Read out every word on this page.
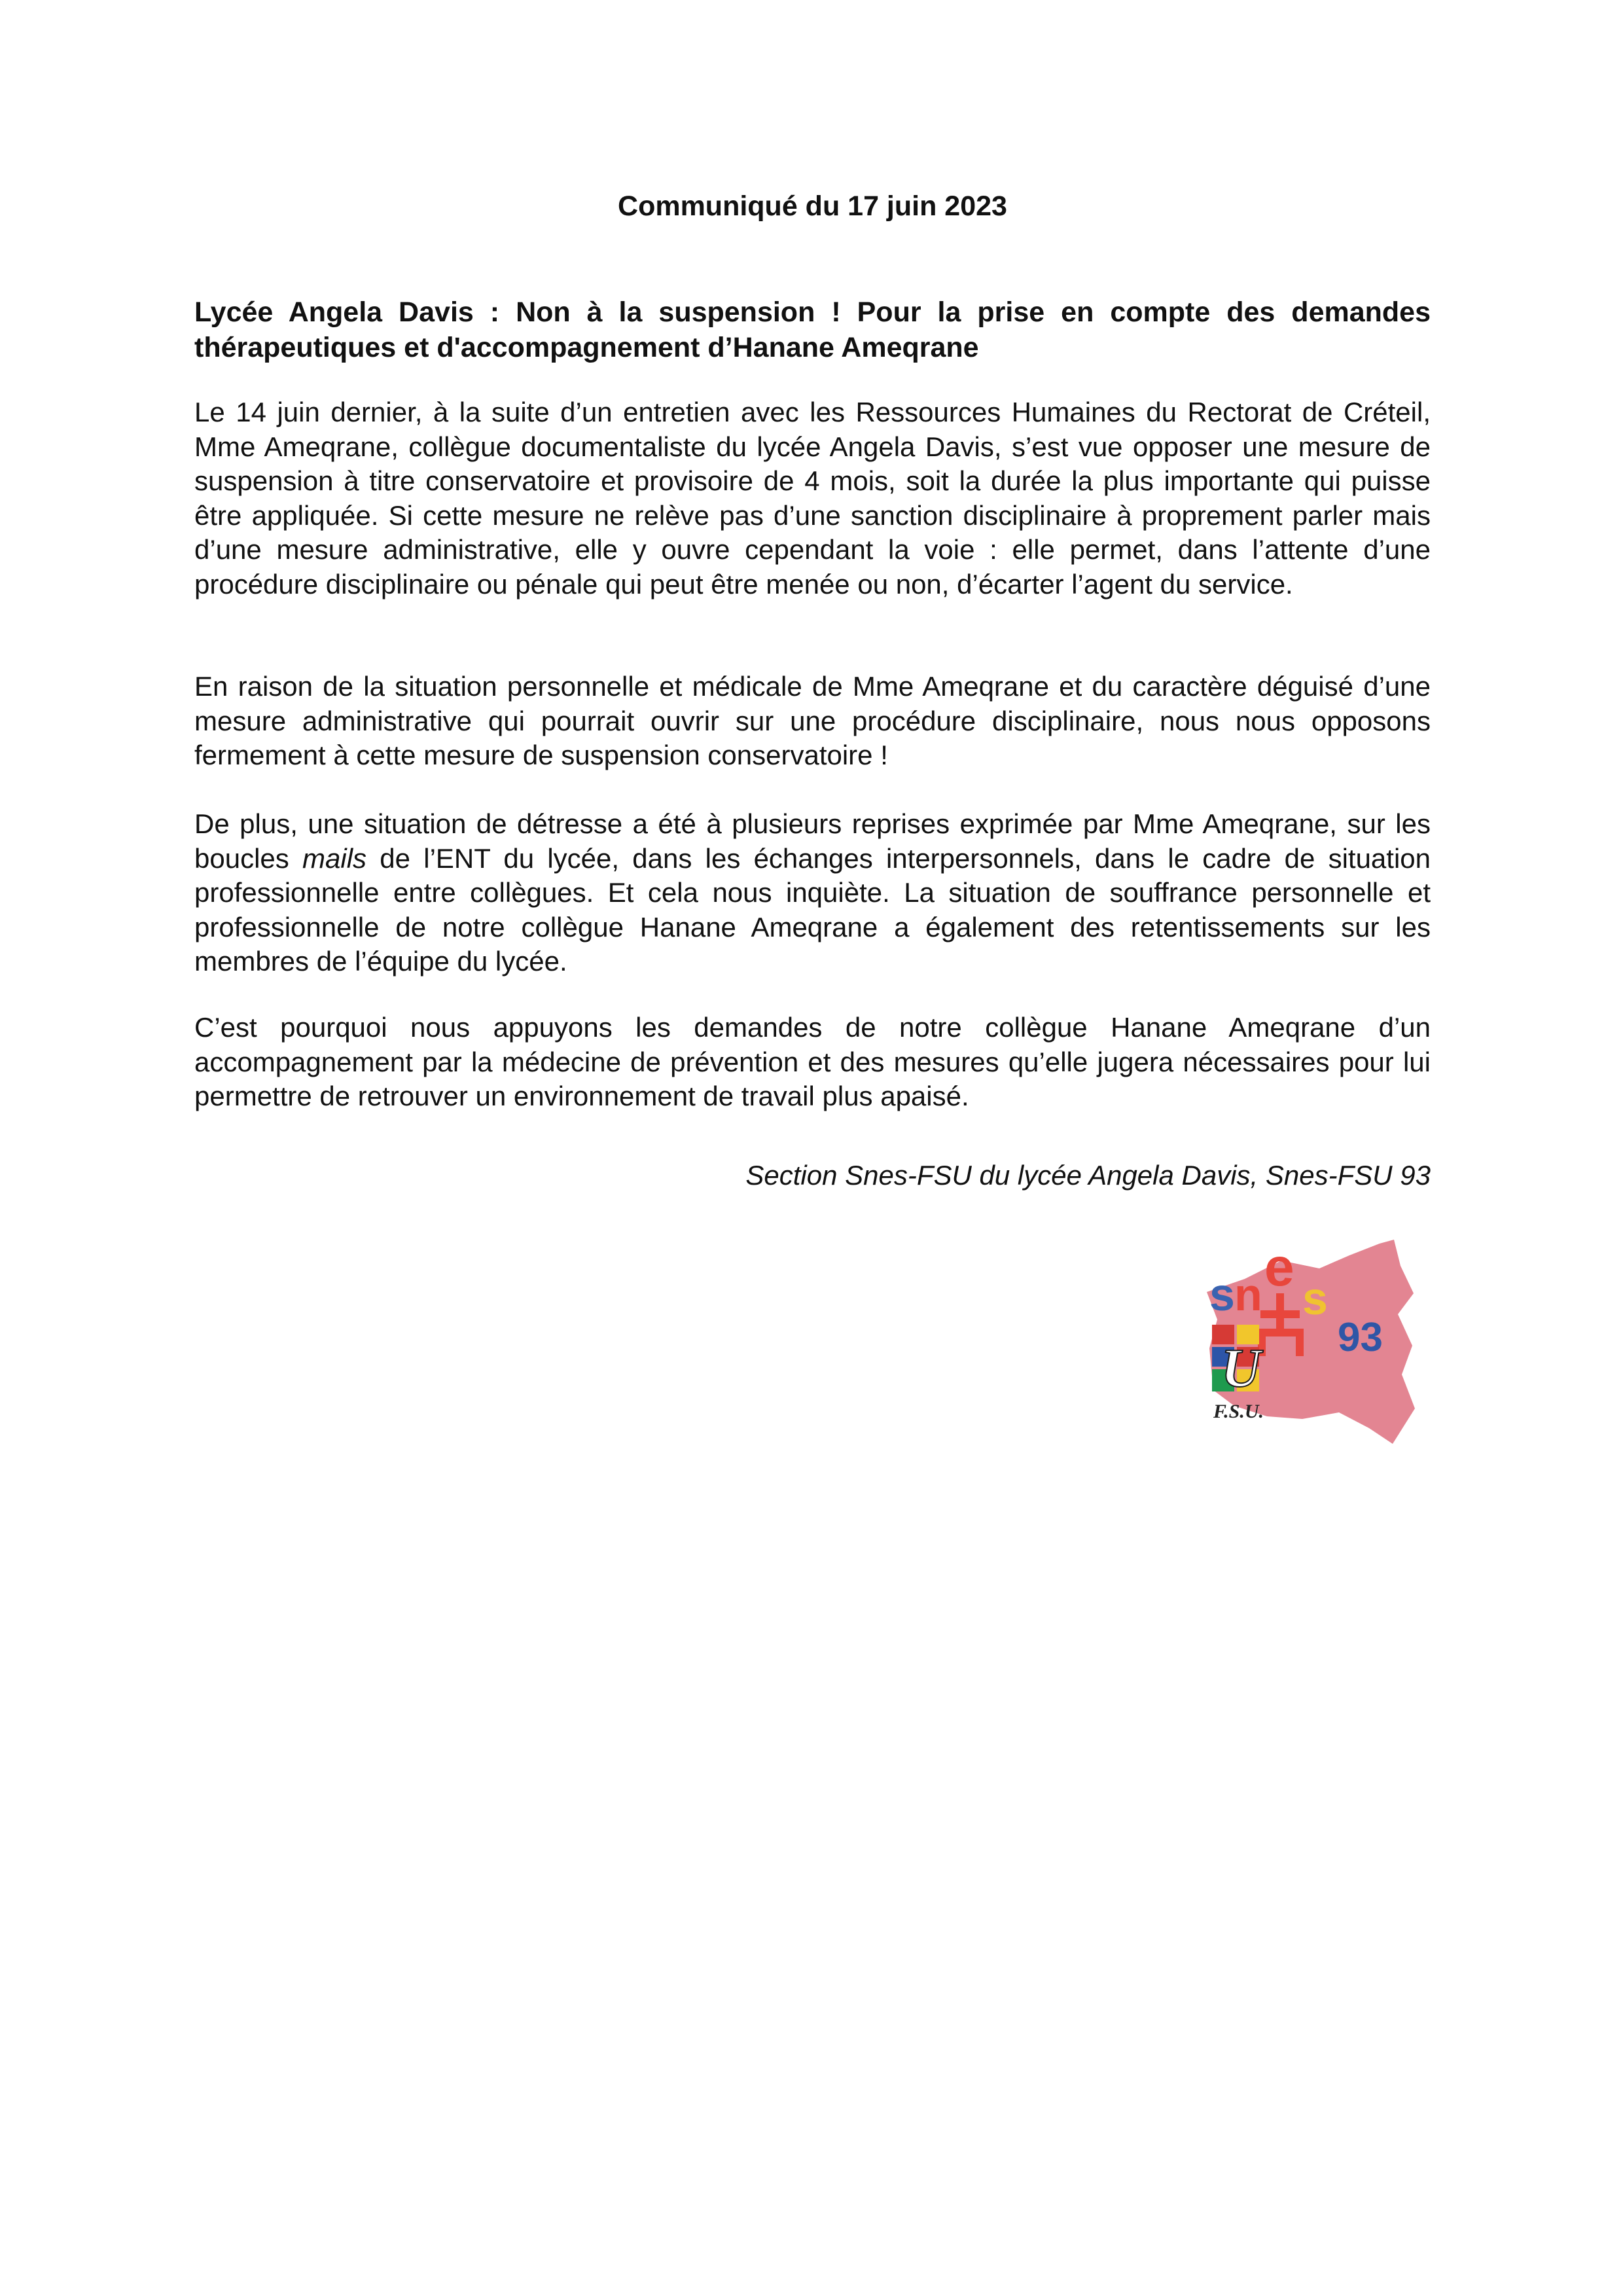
Communiqué du 17 juin 2023
Lycée Angela Davis : Non à la suspension ! Pour la prise en compte des demandes thérapeutiques et d'accompagnement d’Hanane Ameqrane

Le 14 juin dernier, à la suite d’un entretien avec les Ressources Humaines du Rectorat de Créteil, Mme Ameqrane, collègue documentaliste du lycée Angela Davis, s’est vue opposer une mesure de suspension à titre conservatoire et provisoire de 4 mois, soit la durée la plus importante qui puisse être appliquée. Si cette mesure ne relève pas d’une sanction disciplinaire à proprement parler mais d’une mesure administrative, elle y ouvre cependant la voie : elle permet, dans l’attente d’une procédure disciplinaire ou pénale qui peut être menée ou non, d’écarter l’agent du service.

En raison de la situation personnelle et médicale de Mme Ameqrane et du caractère déguisé d’une mesure administrative qui pourrait ouvrir sur une procédure disciplinaire, nous nous opposons fermement à cette mesure de suspension conservatoire !

De plus, une situation de détresse a été à plusieurs reprises exprimée par Mme Ameqrane, sur les boucles mails de l’ENT du lycée, dans les échanges interpersonnels, dans le cadre de situation professionnelle entre collègues. Et cela nous inquiète. La situation de souffrance personnelle et professionnelle de notre collègue Hanane Ameqrane a également des retentissements sur les membres de l’équipe du lycée.

C’est pourquoi nous appuyons les demandes de notre collègue Hanane Ameqrane d’un accompagnement par la médecine de prévention et des mesures qu’elle jugera nécessaires pour lui permettre de retrouver un environnement de travail plus apaisé.

Section Snes-FSU du lycée Angela Davis, Snes-FSU 93

s n e
s
93
U
F.S.U.
